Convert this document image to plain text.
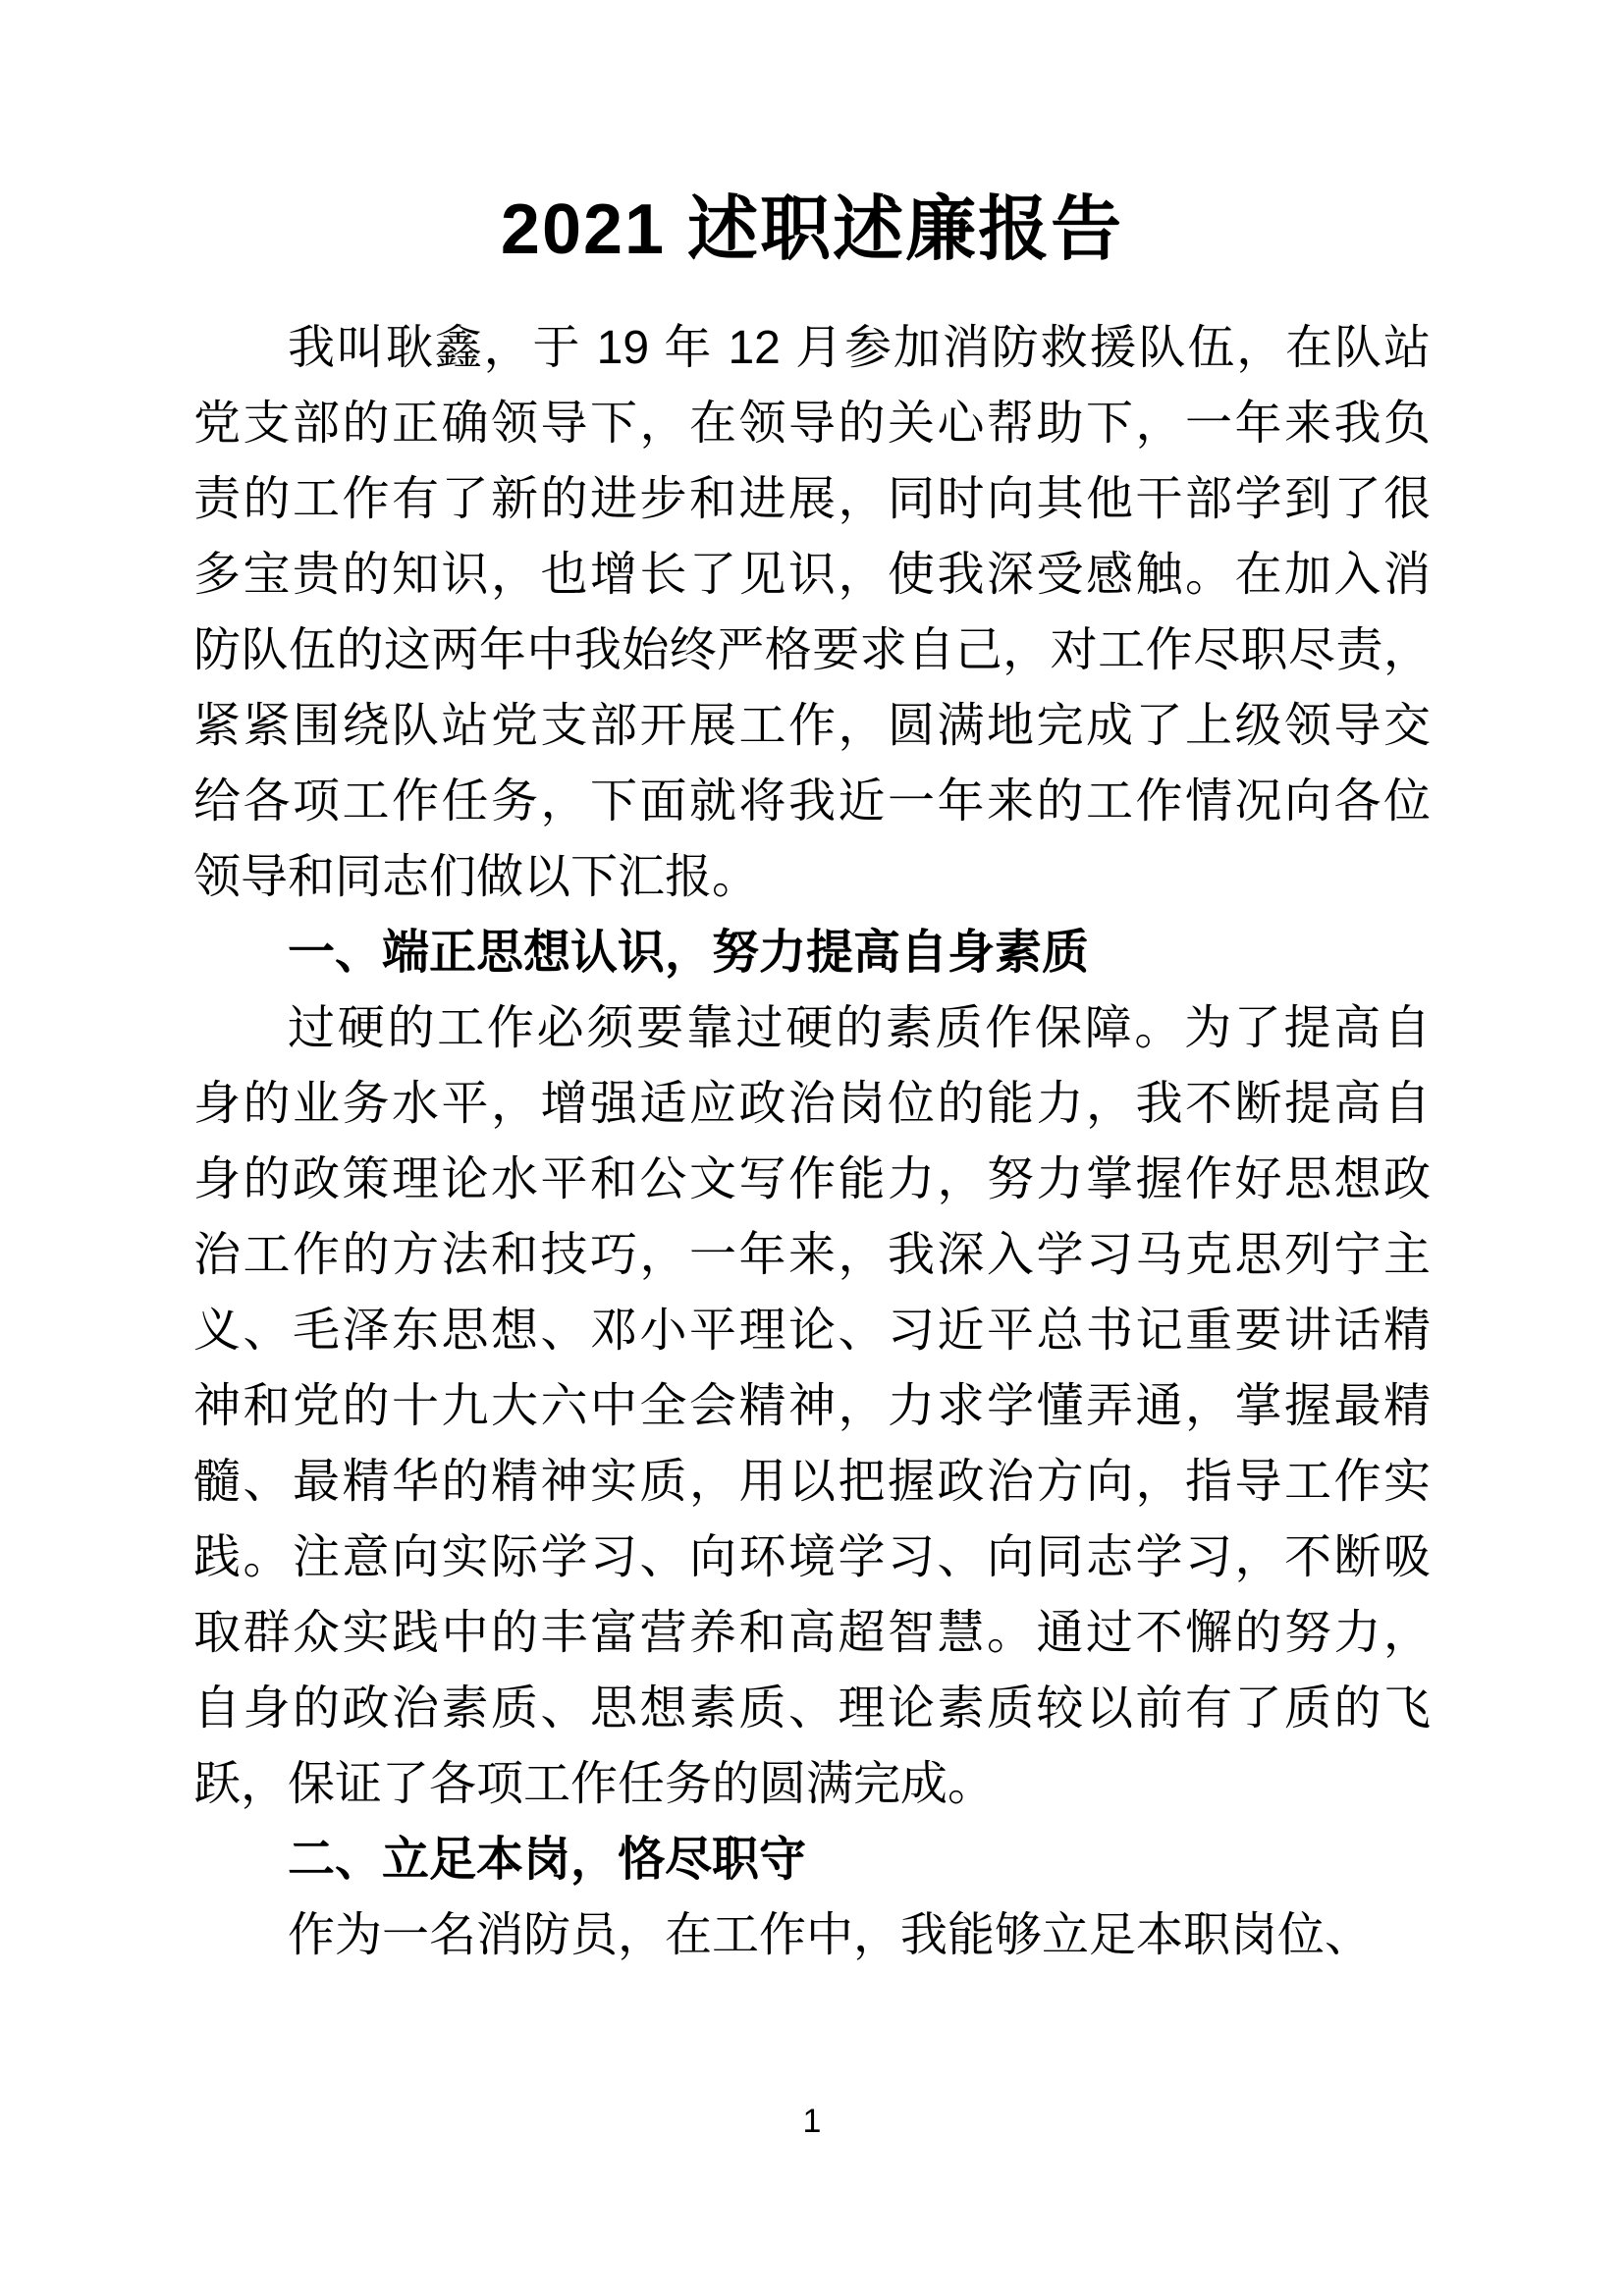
2021 述职述廉报告
我叫耿鑫，于 19 年 12 月参加消防救援队伍，在队站
党支部的正确领导下，在领导的关心帮助下，一年来我负
责的工作有了新的进步和进展，同时向其他干部学到了很
多宝贵的知识，也增长了见识，使我深受感触。在加入消
防队伍的这两年中我始终严格要求自己，对工作尽职尽责，
紧紧围绕队站党支部开展工作，圆满地完成了上级领导交
给各项工作任务，下面就将我近一年来的工作情况向各位
领导和同志们做以下汇报。
一、端正思想认识，努力提高自身素质
过硬的工作必须要靠过硬的素质作保障。为了提高自
身的业务水平，增强适应政治岗位的能力，我不断提高自
身的政策理论水平和公文写作能力，努力掌握作好思想政
治工作的方法和技巧，一年来，我深入学习马克思列宁主
义、毛泽东思想、邓小平理论、习近平总书记重要讲话精
神和党的十九大六中全会精神，力求学懂弄通，掌握最精
髓、最精华的精神实质，用以把握政治方向，指导工作实
践。注意向实际学习、向环境学习、向同志学习，不断吸
取群众实践中的丰富营养和高超智慧。通过不懈的努力，
自身的政治素质、思想素质、理论素质较以前有了质的飞
跃，保证了各项工作任务的圆满完成。
二、立足本岗，恪尽职守
作为一名消防员，在工作中，我能够立足本职岗位、
1
